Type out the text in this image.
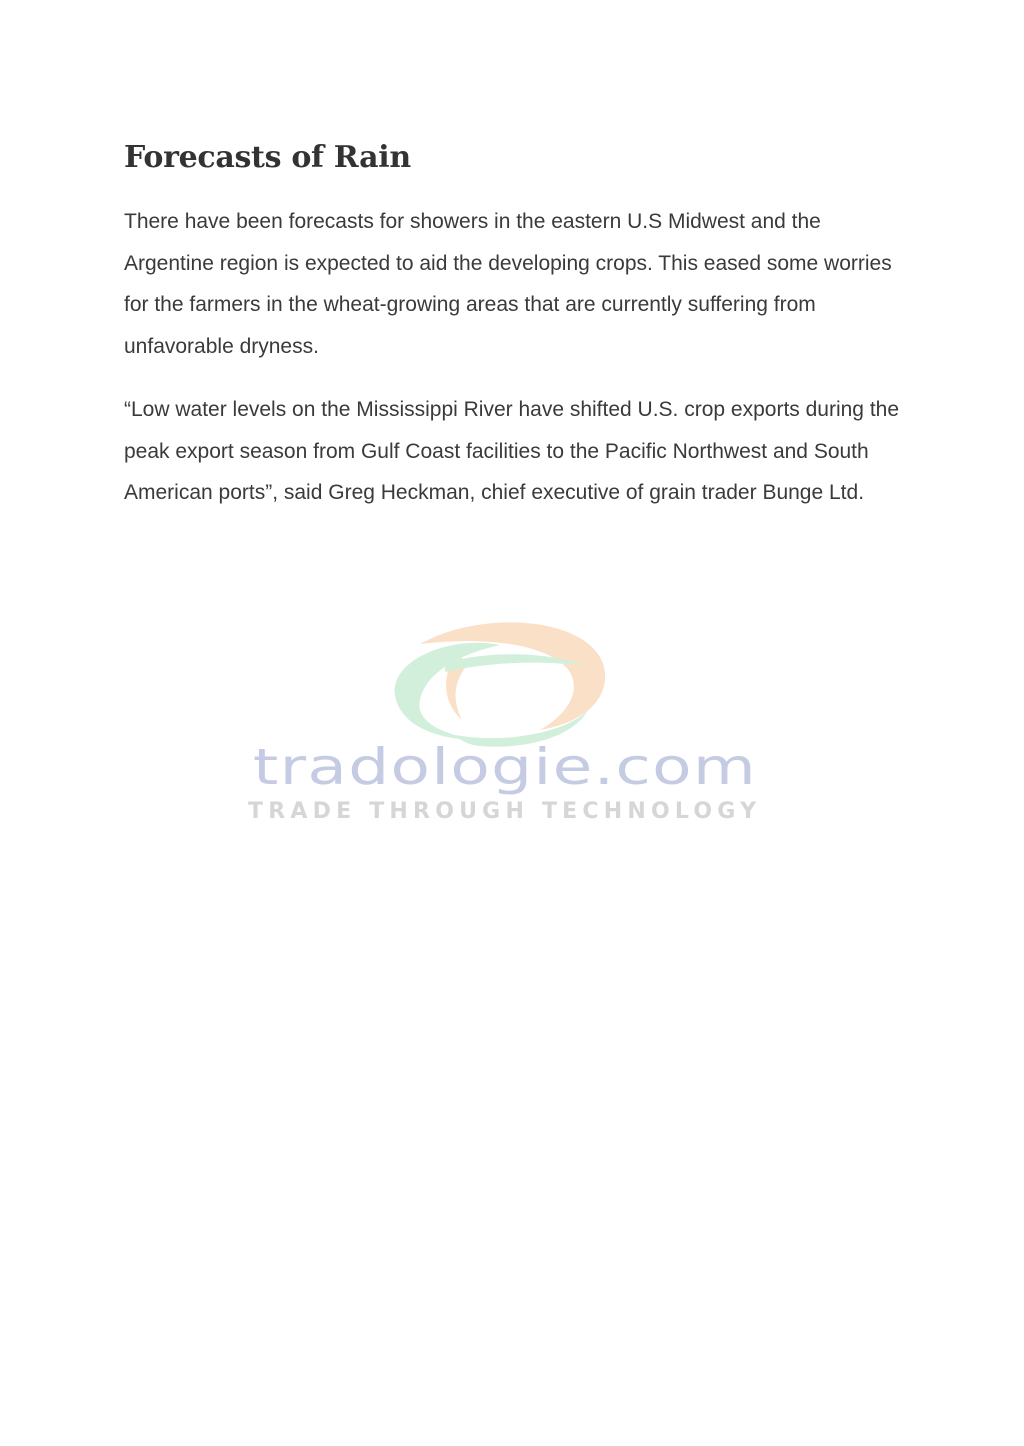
Forecasts of Rain

There have been forecasts for showers in the eastern U.S Midwest and the Argentine region is expected to aid the developing crops. This eased some worries for the farmers in the wheat-growing areas that are currently suffering from unfavorable dryness.

“Low water levels on the Mississippi River have shifted U.S. crop exports during the peak export season from Gulf Coast facilities to the Pacific Northwest and South American ports”, said Greg Heckman, chief executive of grain trader Bunge Ltd.

tradologie.com
TRADE THROUGH TECHNOLOGY
